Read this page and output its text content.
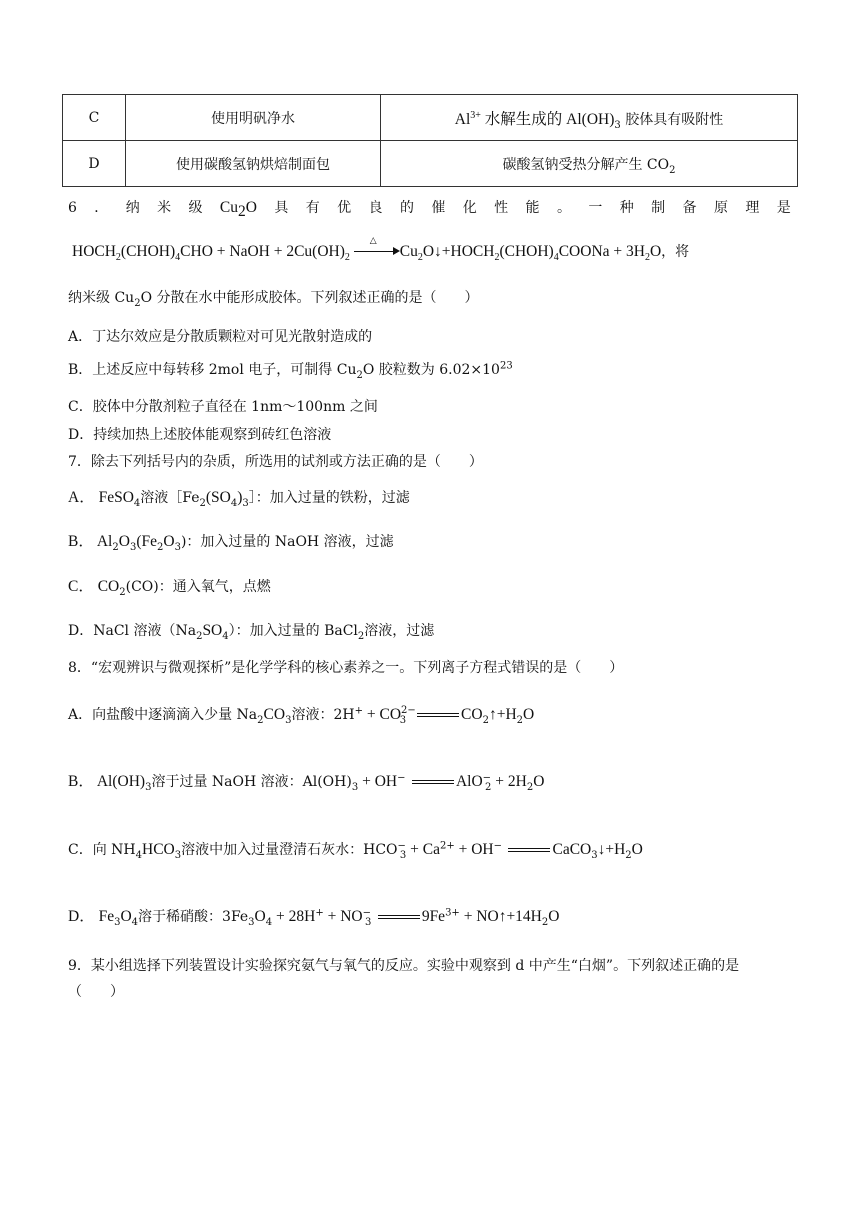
C	使用明矾净水	$Al^{3+}$ 水解生成的 $Al(OH)_3$ 胶体具有吸附性
D	使用碳酸氢钠烘焙制面包	碳酸氢钠受热分解产生 $CO_2$
6．纳米级$Cu_2O$具有优良的催化性能。一种制备原理是
$HOCH_2(CHOH)_4CHO$ + NaOH + $2Cu(OH)_2$
△
$Cu_2O↓+HOCH_2(CHOH)_4COONa + 3H_2O$，将
纳米级 $Cu_2O$ 分散在水中能形成胶体。下列叙述正确的是（　　）
A．丁达尔效应是分散质颗粒对可见光散射造成的
B．上述反应中每转移 2mol 电子，可制得 $Cu_2O$ 胶粒数为 $6.02\times 10^{23}$
C．胶体中分散剂粒子直径在 1nm～100nm 之间
D．持续加热上述胶体能观察到砖红色溶液
7．除去下列括号内的杂质，所选用的试剂或方法正确的是（　　）
A． FeSO$_4$溶液$[Fe_2(SO_4)_3]$：加入过量的铁粉，过滤
B． $Al_2O_3(Fe_2O_3)$：加入过量的 NaOH 溶液，过滤
C． $CO_2(CO)$：通入氧气，点燃
D．NaCl 溶液$(Na_2SO_4)$：加入过量的 BaCl$_2$溶液，过滤
8．“宏观辨识与微观探析”是化学学科的核心素养之一。下列离子方程式错误的是（　　）
A．向盐酸中逐滴滴入少量 $Na_2CO_3$溶液：$2H^+ + CO^{2-}_3$	$CO_2↑+H_2O$
B． $Al(OH)_3$溶于过量 NaOH 溶液：$Al(OH)_3 + OH^-$	$AlO^-_2 + 2H_2O$
C．向 $NH_4HCO_3$溶液中加入过量澄清石灰水：$HCO^-_3 + Ca^{2+} + OH^-$	$CaCO_3↓+H_2O$
D． $Fe_3O_4$溶于稀硝酸：$3Fe_3O_4 + 28H^+ + NO^-_3$	$9Fe^{3+}$ + $NO↑+14H_2O$
9．某小组选择下列装置设计实验探究氨气与氧气的反应。实验中观察到 d 中产生“白烟”。下列叙述正确的是
（　　）
